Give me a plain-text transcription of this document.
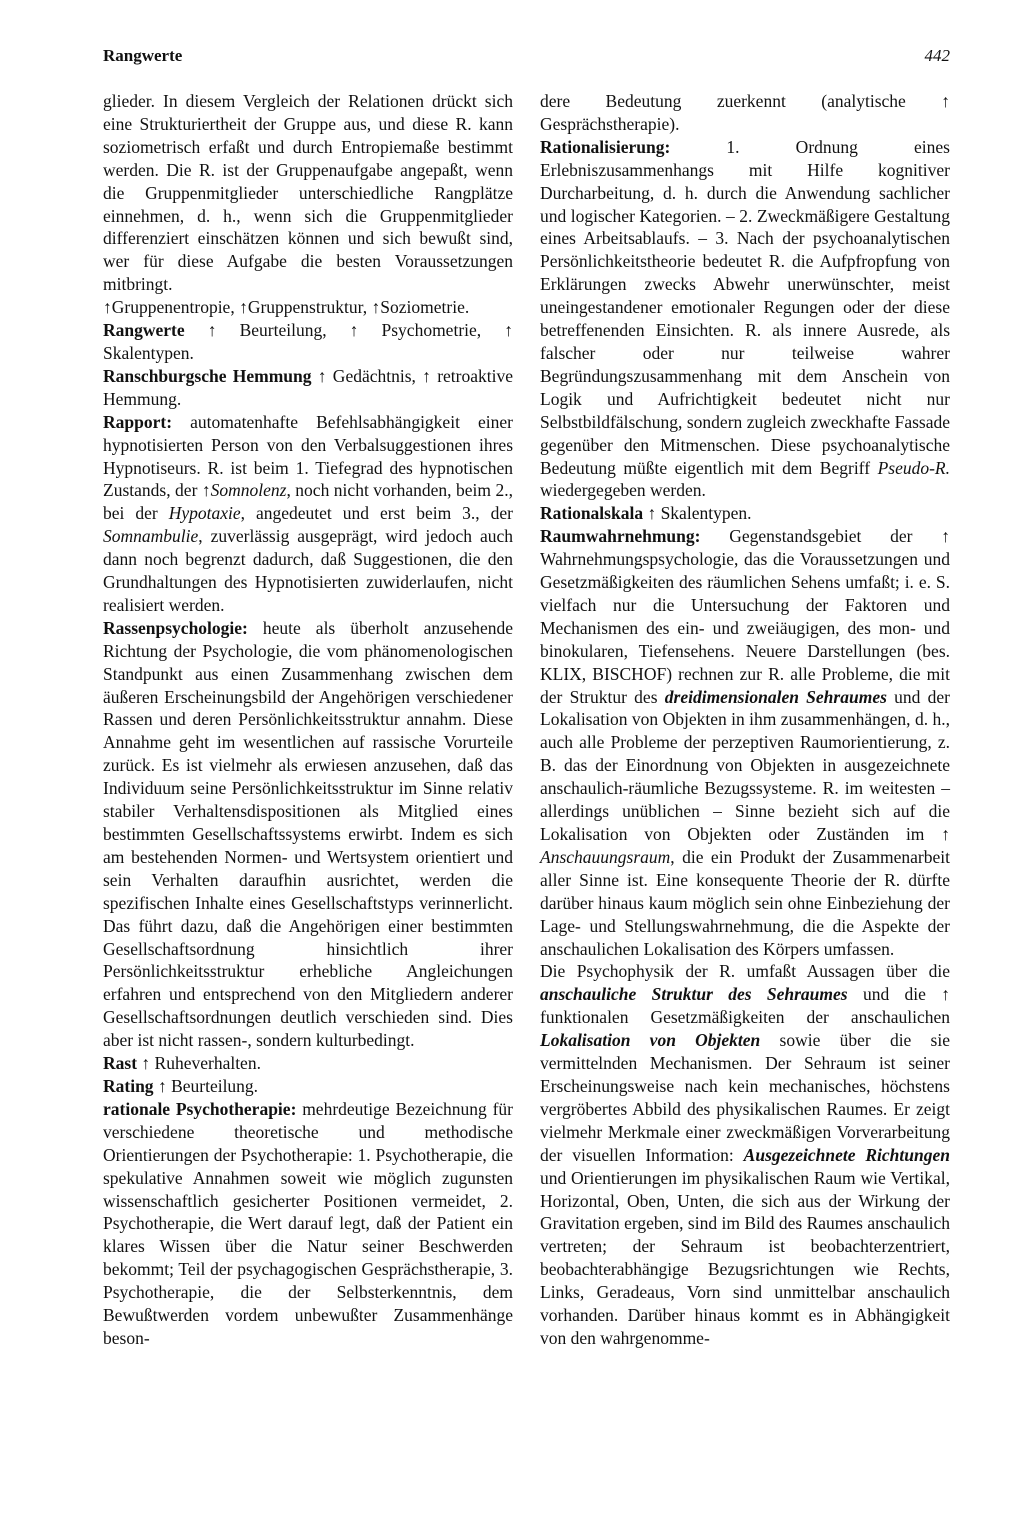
Rangwerte	442

glieder. In diesem Vergleich der Relationen drückt sich eine Strukturiertheit der Gruppe aus, und diese R. kann soziometrisch erfaßt und durch Entropiemaße bestimmt werden. Die R. ist der Gruppenaufgabe angepaßt, wenn die Gruppenmitglieder unterschiedliche Rangplätze einnehmen, d. h., wenn sich die Gruppenmitglieder differenziert einschätzen können und sich bewußt sind, wer für diese Aufgabe die besten Voraussetzungen mitbringt.

↑Gruppenentropie, ↑Gruppenstruktur, ↑Soziometrie.

Rangwerte ↑ Beurteilung, ↑ Psychometrie, ↑ Skalentypen.

Ranschburgsche Hemmung ↑ Gedächtnis, ↑ retroaktive Hemmung.

Rapport: automatenhafte Befehlsabhängigkeit einer hypnotisierten Person von den Verbalsuggestionen ihres Hypnotiseurs. R. ist beim 1. Tiefegrad des hypnotischen Zustands, der ↑Somnolenz, noch nicht vorhanden, beim 2., bei der Hypotaxie, angedeutet und erst beim 3., der Somnambulie, zuverlässig ausgeprägt, wird jedoch auch dann noch begrenzt dadurch, daß Suggestionen, die den Grundhaltungen des Hypnotisierten zuwiderlaufen, nicht realisiert werden.

Rassenpsychologie: heute als überholt anzusehende Richtung der Psychologie, die vom phänomenologischen Standpunkt aus einen Zusammenhang zwischen dem äußeren Erscheinungsbild der Angehörigen verschiedener Rassen und deren Persönlichkeitsstruktur annahm. Diese Annahme geht im wesentlichen auf rassische Vorurteile zurück. Es ist vielmehr als erwiesen anzusehen, daß das Individuum seine Persönlichkeitsstruktur im Sinne relativ stabiler Verhaltensdispositionen als Mitglied eines bestimmten Gesellschaftssystems erwirbt. Indem es sich am bestehenden Normen- und Wertsystem orientiert und sein Verhalten daraufhin ausrichtet, werden die spezifischen Inhalte eines Gesellschaftstyps verinnerlicht. Das führt dazu, daß die Angehörigen einer bestimmten Gesellschaftsordnung hinsichtlich ihrer Persönlichkeitsstruktur erhebliche Angleichungen erfahren und entsprechend von den Mitgliedern anderer Gesellschaftsordnungen deutlich verschieden sind. Dies aber ist nicht rassen-, sondern kulturbedingt.

Rast ↑ Ruheverhalten.

Rating ↑ Beurteilung.

rationale Psychotherapie: mehrdeutige Bezeichnung für verschiedene theoretische und methodische Orientierungen der Psychotherapie: 1. Psychotherapie, die spekulative Annahmen soweit wie möglich zugunsten wissenschaftlich gesicherter Positionen vermeidet, 2. Psychotherapie, die Wert darauf legt, daß der Patient ein klares Wissen über die Natur seiner Beschwerden bekommt; Teil der psychagogischen Gesprächstherapie, 3. Psychotherapie, die der Selbsterkenntnis, dem Bewußtwerden vordem unbewußter Zusammenhänge beson-

dere Bedeutung zuerkennt (analytische ↑ Gesprächstherapie).

Rationalisierung: 1. Ordnung eines Erlebniszusammenhangs mit Hilfe kognitiver Durcharbeitung, d. h. durch die Anwendung sachlicher und logischer Kategorien. – 2. Zweckmäßigere Gestaltung eines Arbeitsablaufs. – 3. Nach der psychoanalytischen Persönlichkeitstheorie bedeutet R. die Aufpfropfung von Erklärungen zwecks Abwehr unerwünschter, meist uneingestandener emotionaler Regungen oder der diese betreffenenden Einsichten. R. als innere Ausrede, als falscher oder nur teilweise wahrer Begründungszusammenhang mit dem Anschein von Logik und Aufrichtigkeit bedeutet nicht nur Selbstbildfälschung, sondern zugleich zweckhafte Fassade gegenüber den Mitmenschen. Diese psychoanalytische Bedeutung müßte eigentlich mit dem Begriff Pseudo-R. wiedergegeben werden.

Rationalskala ↑ Skalentypen.

Raumwahrnehmung: Gegenstandsgebiet der ↑ Wahrnehmungspsychologie, das die Voraussetzungen und Gesetzmäßigkeiten des räumlichen Sehens umfaßt; i. e. S. vielfach nur die Untersuchung der Faktoren und Mechanismen des ein- und zweiäugigen, des mon- und binokularen, Tiefensehens. Neuere Darstellungen (bes. KLIX, BISCHOF) rechnen zur R. alle Probleme, die mit der Struktur des dreidimensionalen Sehraumes und der Lokalisation von Objekten in ihm zusammenhängen, d. h., auch alle Probleme der perzeptiven Raumorientierung, z. B. das der Einordnung von Objekten in ausgezeichnete anschaulich-räumliche Bezugssysteme. R. im weitesten – allerdings unüblichen – Sinne bezieht sich auf die Lokalisation von Objekten oder Zuständen im ↑ Anschauungsraum, die ein Produkt der Zusammenarbeit aller Sinne ist. Eine konsequente Theorie der R. dürfte darüber hinaus kaum möglich sein ohne Einbeziehung der Lage- und Stellungswahrnehmung, die die Aspekte der anschaulichen Lokalisation des Körpers umfassen.

Die Psychophysik der R. umfaßt Aussagen über die anschauliche Struktur des Sehraumes und die ↑ funktionalen Gesetzmäßigkeiten der anschaulichen Lokalisation von Objekten sowie über die sie vermittelnden Mechanismen. Der Sehraum ist seiner Erscheinungsweise nach kein mechanisches, höchstens vergröbertes Abbild des physikalischen Raumes. Er zeigt vielmehr Merkmale einer zweckmäßigen Vorverarbeitung der visuellen Information: Ausgezeichnete Richtungen und Orientierungen im physikalischen Raum wie Vertikal, Horizontal, Oben, Unten, die sich aus der Wirkung der Gravitation ergeben, sind im Bild des Raumes anschaulich vertreten; der Sehraum ist beobachterzentriert, beobachterabhängige Bezugsrichtungen wie Rechts, Links, Geradeaus, Vorn sind unmittelbar anschaulich vorhanden. Darüber hinaus kommt es in Abhängigkeit von den wahrgenomme-
